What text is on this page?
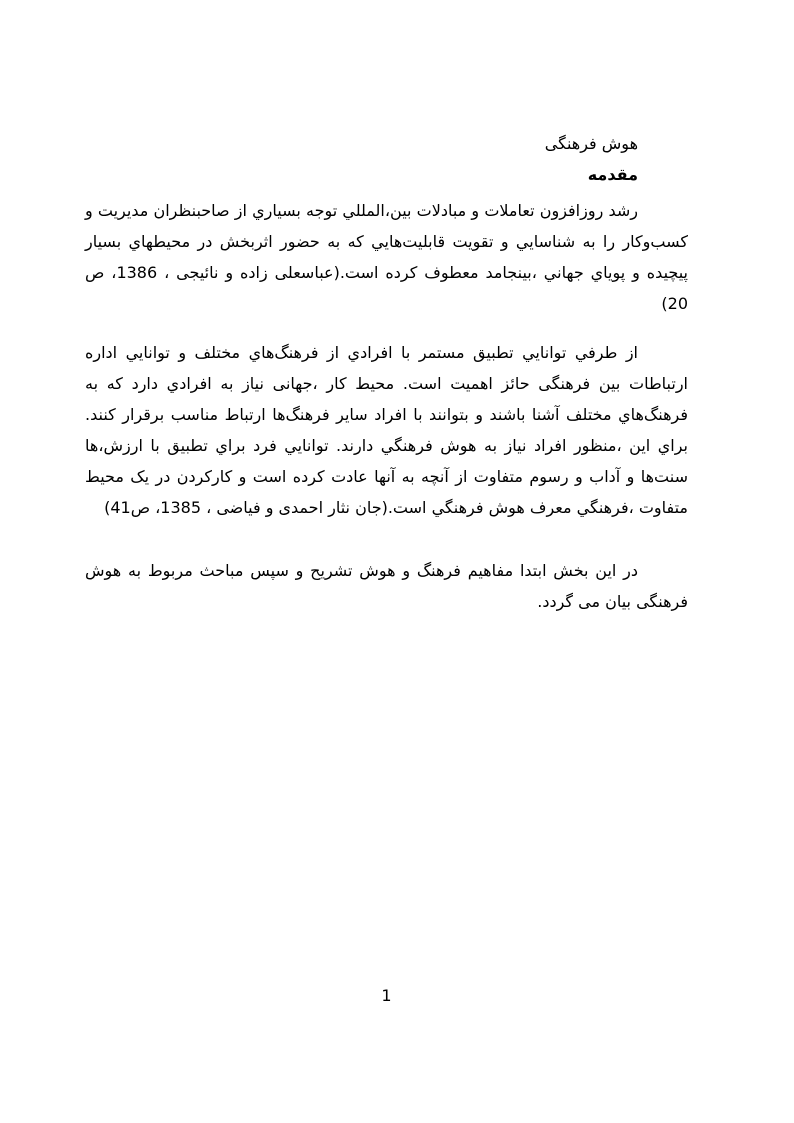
هوش فرهنگی
مقدمه

رشد روزافزون تعاملات و مبادلات بین،المللي توجه بسیاري از صاحبنظران مدیریت و کسب‌وکار را به شناسایي و تقویت قابلیت‌هایي که به حضور اثربخش در محیطهاي بسیار پیچیده و پویاي جهاني ،بینجامد معطوف کرده است.(عباسعلی زاده و نائیجی ، 1386، ص 20)

از طرفي توانایي تطبیق مستمر با افرادي از فرهنگ‌هاي مختلف و توانایي اداره ارتباطات بین فرهنگی حائز اهمیت است. محیط کار ،جهانی نیاز به افرادي دارد که به فرهنگ‌هاي مختلف آشنا باشند و بتوانند با افراد سایر فرهنگ‌ها ارتباط مناسب برقرار کنند. براي این ،منظور افراد نیاز به هوش فرهنگي دارند. توانایي فرد براي تطبیق با ارزش،ها سنت‌ها و آداب و رسوم متفاوت از آنچه به آنها عادت کرده است و کارکردن در یک محیط متفاوت ،فرهنگي معرف هوش فرهنگي است.(جان نثار احمدی و فیاضی ، 1385، ص41)

در این بخش ابتدا مفاهیم فرهنگ و هوش تشریح و سپس مباحث مربوط به هوش فرهنگی بیان می گردد.

1
